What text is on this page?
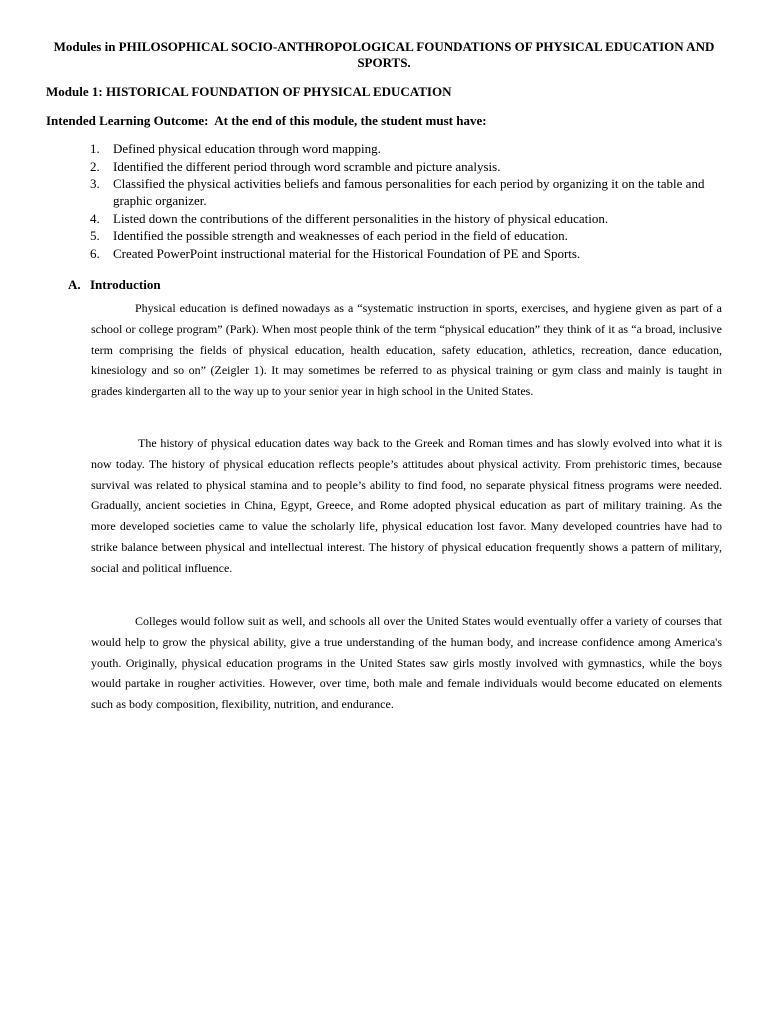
Modules in PHILOSOPHICAL SOCIO-ANTHROPOLOGICAL FOUNDATIONS OF PHYSICAL EDUCATION AND SPORTS.
Module 1: HISTORICAL FOUNDATION OF PHYSICAL EDUCATION
Intended Learning Outcome:  At the end of this module, the student must have:
1. Defined physical education through word mapping.
2. Identified the different period through word scramble and picture analysis.
3. Classified the physical activities beliefs and famous personalities for each period by organizing it on the table and graphic organizer.
4. Listed down the contributions of the different personalities in the history of physical education.
5. Identified the possible strength and weaknesses of each period in the field of education.
6. Created PowerPoint instructional material for the Historical Foundation of PE and Sports.
A. Introduction

Physical education is defined nowadays as a “systematic instruction in sports, exercises, and hygiene given as part of a school or college program” (Park). When most people think of the term “physical education” they think of it as “a broad, inclusive term comprising the fields of physical education, health education, safety education, athletics, recreation, dance education, kinesiology and so on” (Zeigler 1). It may sometimes be referred to as physical training or gym class and mainly is taught in grades kindergarten all to the way up to your senior year in high school in the United States.

The history of physical education dates way back to the Greek and Roman times and has slowly evolved into what it is now today. The history of physical education reflects people’s attitudes about physical activity. From prehistoric times, because survival was related to physical stamina and to people’s ability to find food, no separate physical fitness programs were needed. Gradually, ancient societies in China, Egypt, Greece, and Rome adopted physical education as part of military training. As the more developed societies came to value the scholarly life, physical education lost favor. Many developed countries have had to strike balance between physical and intellectual interest. The history of physical education frequently shows a pattern of military, social and political influence.

Colleges would follow suit as well, and schools all over the United States would eventually offer a variety of courses that would help to grow the physical ability, give a true understanding of the human body, and increase confidence among America's youth. Originally, physical education programs in the United States saw girls mostly involved with gymnastics, while the boys would partake in rougher activities. However, over time, both male and female individuals would become educated on elements such as body composition, flexibility, nutrition, and endurance.
